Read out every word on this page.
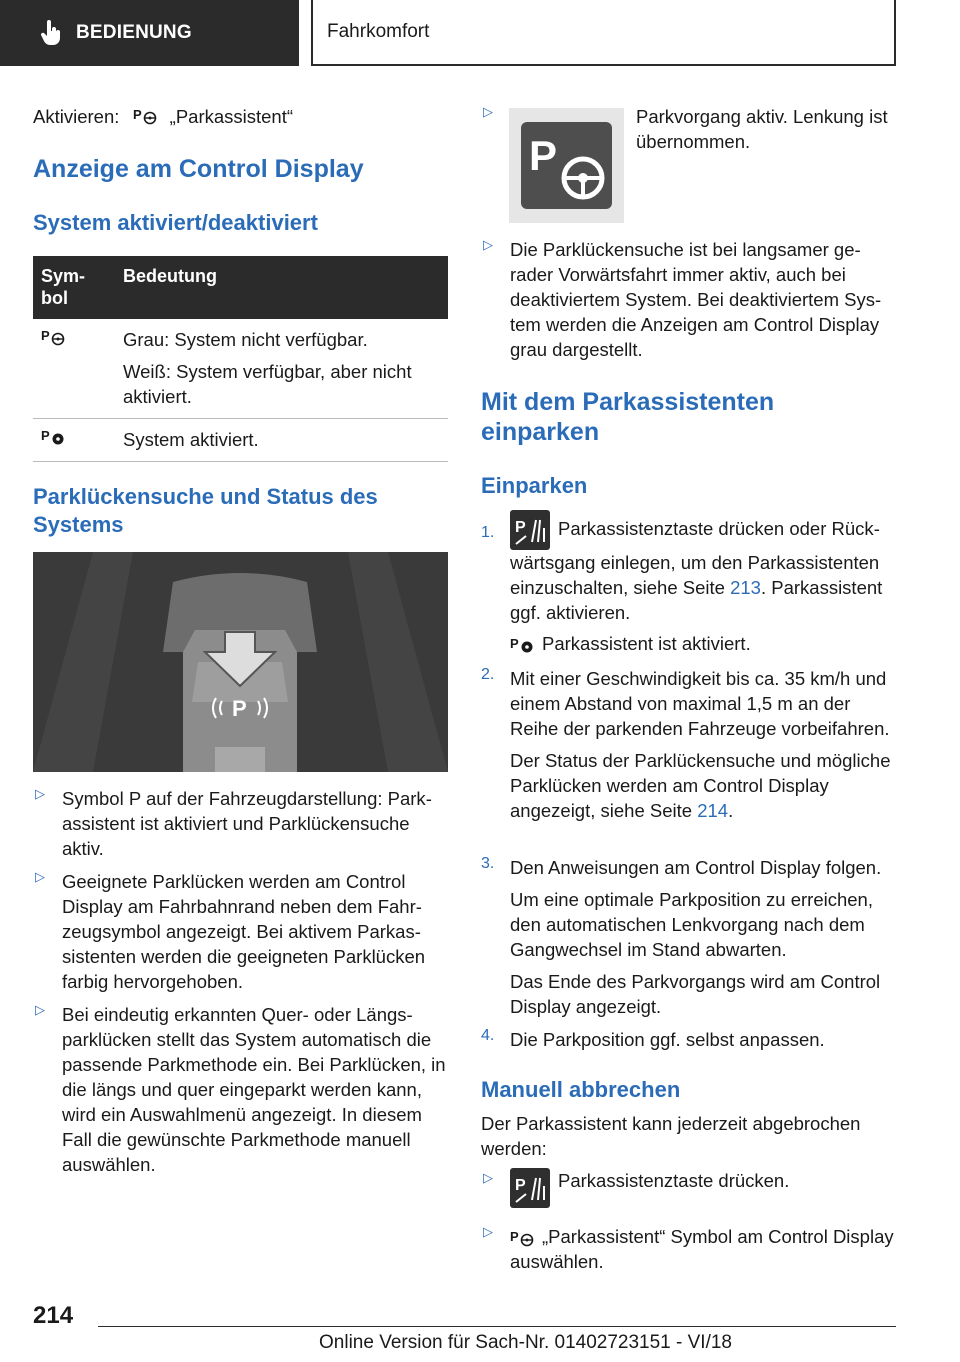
BEDIENUNG	Fahrkomfort

Aktivieren: P „Parkassistent“

Anzeige am Control Display
System aktiviert/deaktiviert
Sym-
bol	Bedeutung

P	Grau: System nicht verfügbar.

Weiß: System verfügbar, aber nicht aktiviert.

P	System aktiviert.
Parklückensuche und Status des Systems
P
▷ Symbol P auf der Fahrzeugdarstellung: Parkassistent ist aktiviert und Parklückensuche aktiv.

▷ Geeignete Parklücken werden am Control Display am Fahrbahnrand neben dem Fahrzeugsymbol angezeigt. Bei aktivem Parkassistenten werden die geeigneten Parklücken farbig hervorgehoben.

▷ Bei eindeutig erkannten Quer- oder Längsparklücken stellt das System automatisch die passende Parkmethode ein. Bei Parklücken, in die längs und quer eingeparkt werden kann, wird ein Auswahlmenü angezeigt. In diesem Fall die gewünschte Parkmethode manuell auswählen.

▷
P

Parkvorgang aktiv. Lenkung ist übernommen.

▷ Die Parklückensuche ist bei langsamer gerader Vorwärtsfahrt immer aktiv, auch bei deaktiviertem System. Bei deaktiviertem System werden die Anzeigen am Control Display grau dargestellt.

Mit dem Parkassistenten einparken
Einparken
1. P Parkassistenztaste drücken oder Rückwärtsgang einlegen, um den Parkassistenten einzuschalten, siehe Seite 213. Parkassistent ggf. aktivieren.

P Parkassistent ist aktiviert.

2. Mit einer Geschwindigkeit bis ca. 35 km/h und einem Abstand von maximal 1,5 m an der Reihe der parkenden Fahrzeuge vorbeifahren.

Der Status der Parklückensuche und mögliche Parklücken werden am Control Display angezeigt, siehe Seite 214.

3. Den Anweisungen am Control Display folgen.

Um eine optimale Parkposition zu erreichen, den automatischen Lenkvorgang nach dem Gangwechsel im Stand abwarten.

Das Ende des Parkvorgangs wird am Control Display angezeigt.

4. Die Parkposition ggf. selbst anpassen.

Manuell abbrechen

Der Parkassistent kann jederzeit abgebrochen werden:

▷ P Parkassistenztaste drücken.

▷ P „Parkassistent“ Symbol am Control Display auswählen.

214
Online Version für Sach-Nr. 01402723151 - VI/18
